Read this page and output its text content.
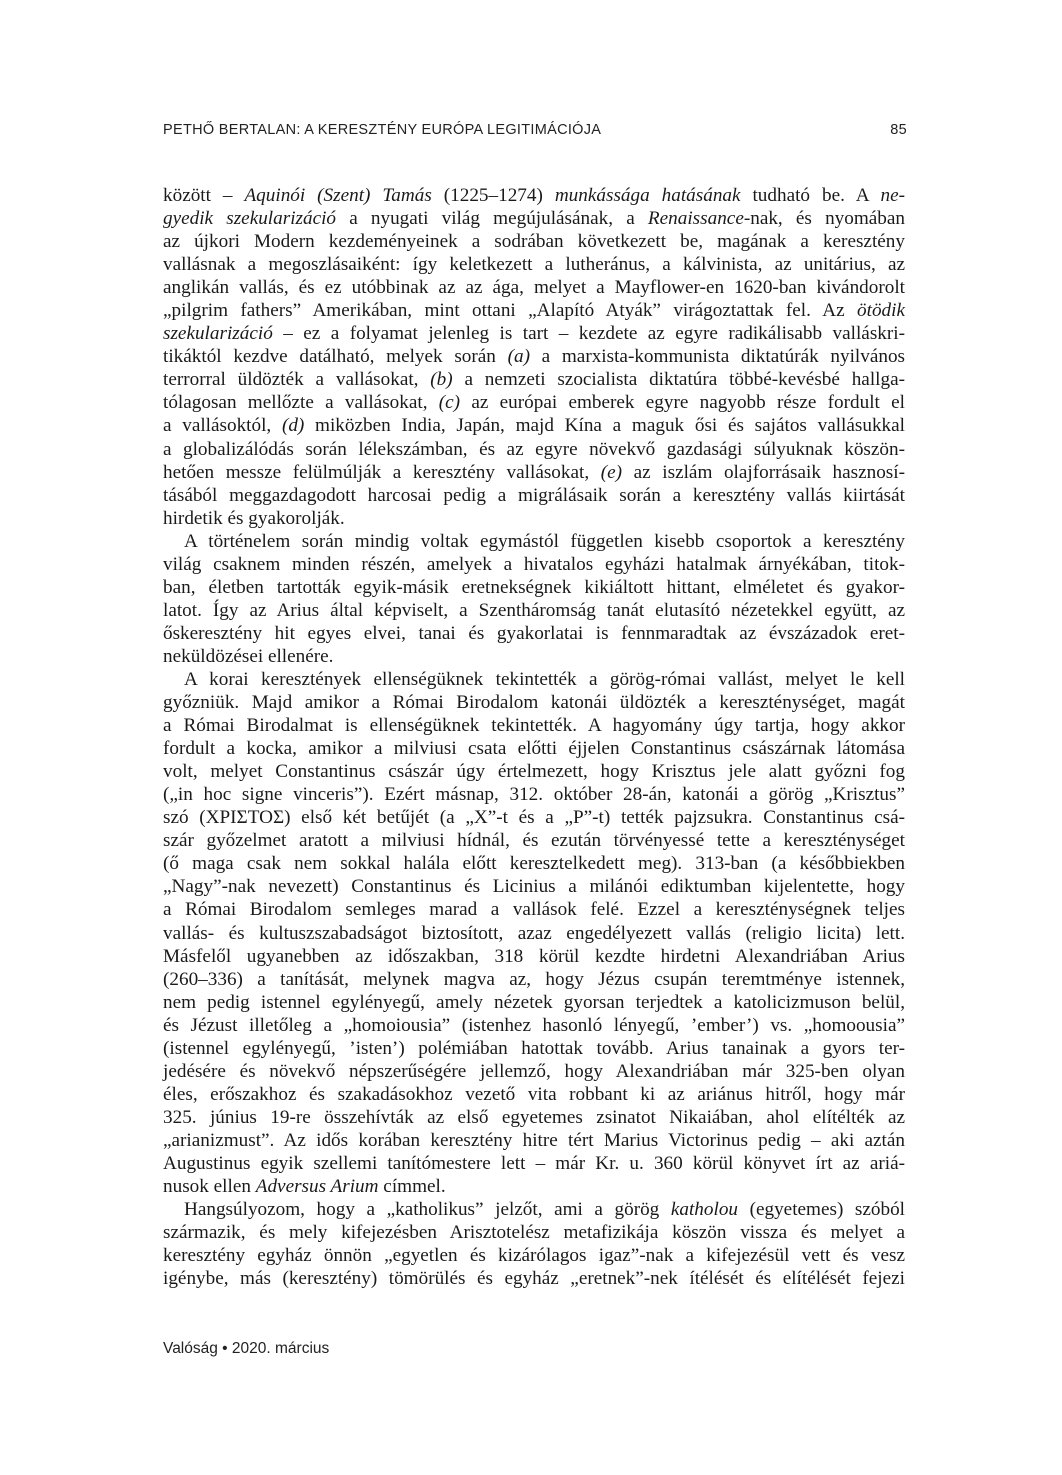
PETHŐ BERTALAN: A KERESZTÉNY EURÓPA LEGITIMÁCIÓJA	85
között – Aquinói (Szent) Tamás (1225–1274) munkássága hatásának tudható be. A ne-
gyedik szekularizáció a nyugati világ megújulásának, a Renaissance-nak, és nyomában
az újkori Modern kezdeményeinek a sodrában következett be, magának a keresztény
vallásnak a megoszlásaiként: így keletkezett a lutheránus, a kálvinista, az unitárius, az
anglikán vallás, és ez utóbbinak az az ága, melyet a Mayflower-en 1620-ban kivándorolt
„pilgrim fathers” Amerikában, mint ottani „Alapító Atyák” virágoztattak fel. Az ötödik
szekularizáció – ez a folyamat jelenleg is tart – kezdete az egyre radikálisabb valláskri-
tikáktól kezdve datálható, melyek során (a) a marxista-kommunista diktatúrák nyilvános
terrorral üldözték a vallásokat, (b) a nemzeti szocialista diktatúra többé-kevésbé hallga-
tólagosan mellőzte a vallásokat, (c) az európai emberek egyre nagyobb része fordult el
a vallásoktól, (d) miközben India, Japán, majd Kína a maguk ősi és sajátos vallásukkal
a globalizálódás során lélekszámban, és az egyre növekvő gazdasági súlyuknak köszön-
hetően messze felülmúlják a keresztény vallásokat, (e) az iszlám olajforrásaik hasznosí-
tásából meggazdagodott harcosai pedig a migrálásaik során a keresztény vallás kiirtását
hirdetik és gyakorolják.
A történelem során mindig voltak egymástól független kisebb csoportok a keresztény
világ csaknem minden részén, amelyek a hivatalos egyházi hatalmak árnyékában, titok-
ban, életben tartották egyik-másik eretnekségnek kikiáltott hittant, elméletet és gyakor-
latot. Így az Arius által képviselt, a Szentháromság tanát elutasító nézetekkel együtt, az
őskeresztény hit egyes elvei, tanai és gyakorlatai is fennmaradtak az évszázadok eret-
neküldözései ellenére.
A korai keresztények ellenségüknek tekintették a görög-római vallást, melyet le kell
győzniük. Majd amikor a Római Birodalom katonái üldözték a kereszténységet, magát
a Római Birodalmat is ellenségüknek tekintették. A hagyomány úgy tartja, hogy akkor
fordult a kocka, amikor a milviusi csata előtti éjjelen Constantinus császárnak látomása
volt, melyet Constantinus császár úgy értelmezett, hogy Krisztus jele alatt győzni fog
(„in hoc signe vinceris”). Ezért másnap, 312. október 28-án, katonái a görög „Krisztus”
szó (ΧΡΙΣΤΟΣ) első két betűjét (a „X”-t és a „P”-t) tették pajzsukra. Constantinus csá-
szár győzelmet aratott a milviusi hídnál, és ezután törvényessé tette a kereszténységet
(ő maga csak nem sokkal halála előtt keresztelkedett meg). 313-ban (a későbbiekben
„Nagy”-nak nevezett) Constantinus és Licinius a milánói ediktumban kijelentette, hogy
a Római Birodalom semleges marad a vallások felé. Ezzel a kereszténységnek teljes
vallás- és kultuszszabadságot biztosított, azaz engedélyezett vallás (religio licita) lett.
Másfelől ugyanebben az időszakban, 318 körül kezdte hirdetni Alexandriában Arius
(260–336) a tanítását, melynek magva az, hogy Jézus csupán teremtménye istennek,
nem pedig istennel egylényegű, amely nézetek gyorsan terjedtek a katolicizmuson belül,
és Jézust illetőleg a „homoiousia” (istenhez hasonló lényegű, ’ember’) vs. „homoousia”
(istennel egylényegű, ’isten’) polémiában hatottak tovább. Arius tanainak a gyors ter-
jedésére és növekvő népszerűségére jellemző, hogy Alexandriában már 325-ben olyan
éles, erőszakhoz és szakadásokhoz vezető vita robbant ki az ariánus hitről, hogy már
325. június 19-re összehívták az első egyetemes zsinatot Nikaiában, ahol elítélték az
„arianizmust”. Az idős korában keresztény hitre tért Marius Victorinus pedig – aki aztán
Augustinus egyik szellemi tanítómestere lett – már Kr. u. 360 körül könyvet írt az ariá-
nusok ellen Adversus Arium címmel.
Hangsúlyozom, hogy a „katholikus” jelzőt, ami a görög katholou (egyetemes) szóból
származik, és mely kifejezésben Arisztotelész metafizikája köszön vissza és melyet a
keresztény egyház önnön „egyetlen és kizárólagos igaz”-nak a kifejezésül vett és vesz
igénybe, más (keresztény) tömörülés és egyház „eretnek”-nek ítélését és elítélését fejezi
Valóság • 2020. március
